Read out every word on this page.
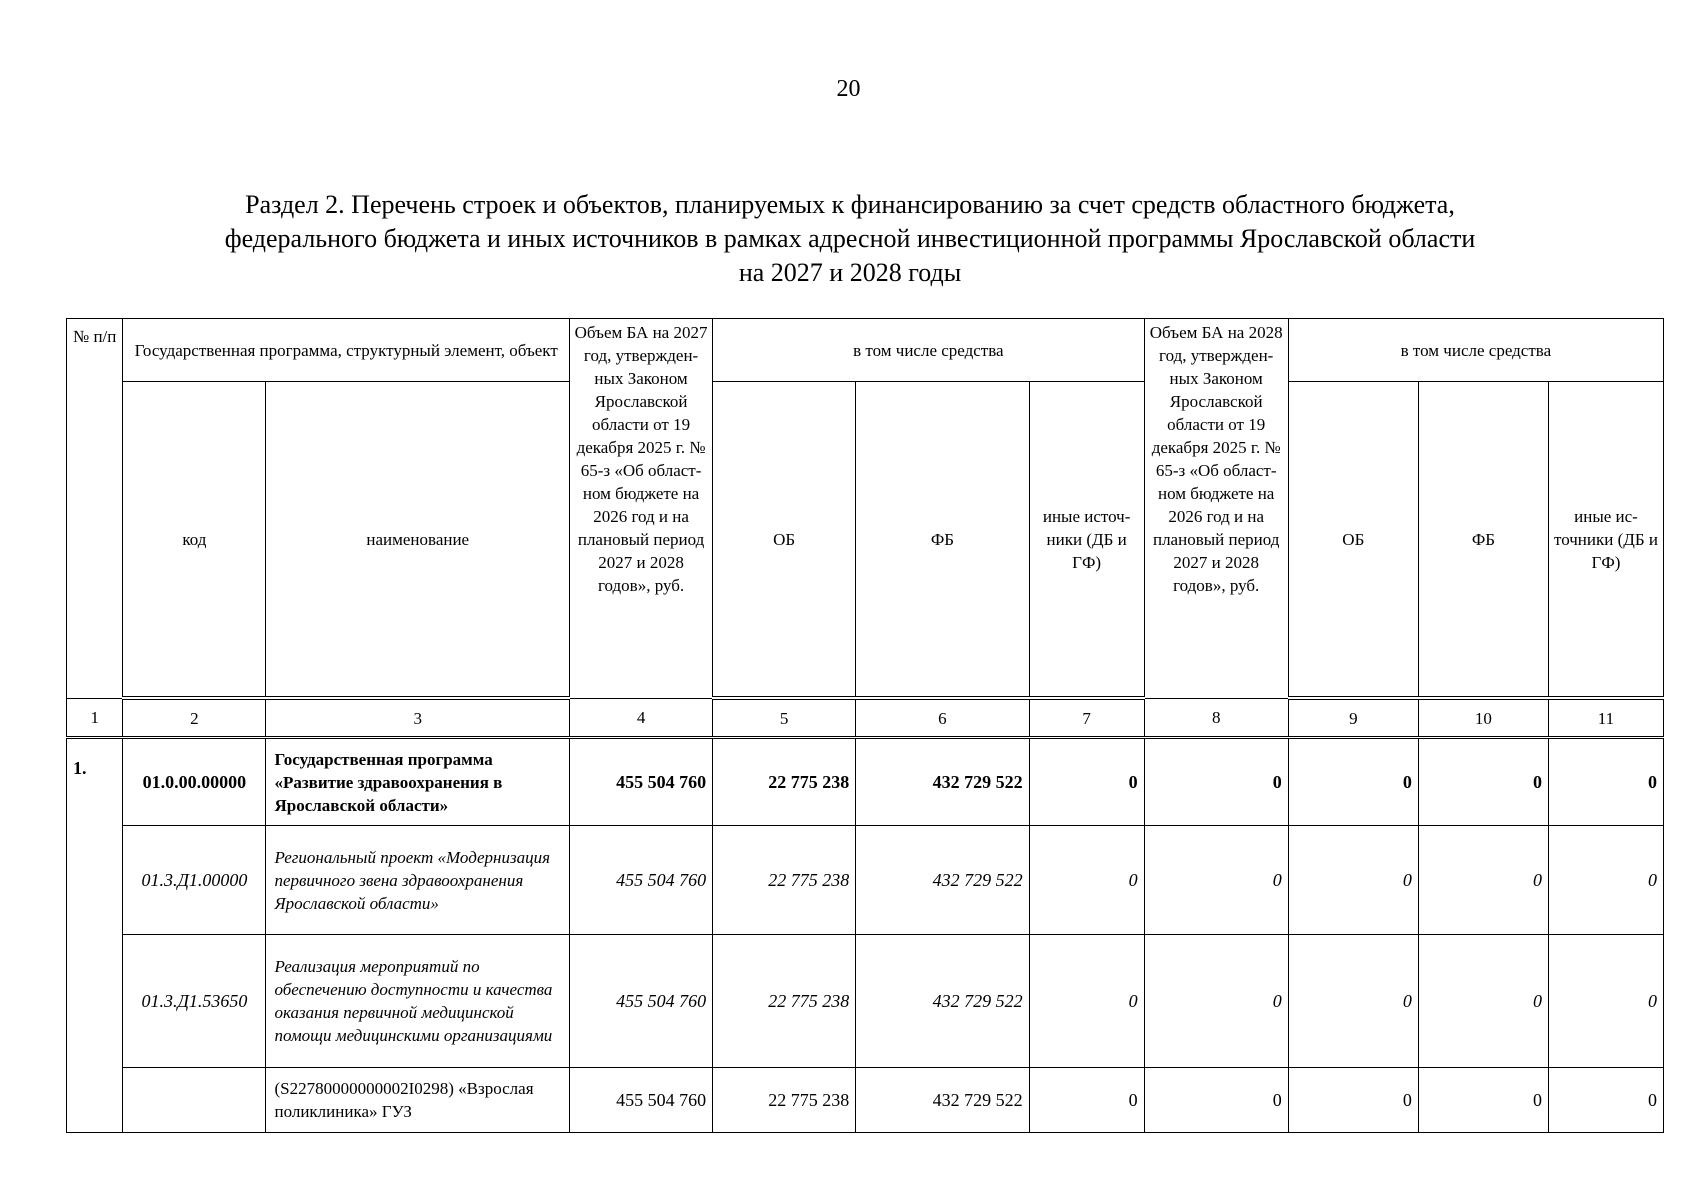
20
Раздел 2. Перечень строек и объектов, планируемых к финансированию за счет средств областного бюджета,
федерального бюджета и иных источников в рамках адресной инвестиционной программы Ярославской области
на 2027 и 2028 годы
№ п/п	Государственная программа, структурный элемент, объект		Объем БА на 2027 год, утвержден-ных Законом Ярославской области от 19 декабря 2025 г. № 65-з «Об област-ном бюджете на 2026 год и на плановый период 2027 и 2028 годов», руб.	в том числе средства			Объем БА на 2028 год, утвержден-ных Законом Ярославской области от 19 декабря 2025 г. № 65-з «Об област-ном бюджете на 2026 год и на плановый период 2027 и 2028 годов», руб.	в том числе средства		
	код	наименование		ОБ	ФБ	иные источ-ники (ДБ и ГФ)		ОБ	ФБ	иные ис-точники (ДБ и ГФ)
1	2	3	4	5	6	7	8	9	10	11
1.	01.0.00.00000	Государственная программа «Развитие здравоохранения в Ярославской области»	455 504 760	22 775 238	432 729 522	0	0	0	0	0
	01.3.Д1.00000	Региональный проект «Модернизация первичного звена здравоохранения Ярославской области»	455 504 760	22 775 238	432 729 522	0	0	0	0	0
	01.3.Д1.53650	Реализация мероприятий по обеспечению доступности и качества оказания первичной медицинской помощи медицинскими организациями	455 504 760	22 775 238	432 729 522	0	0	0	0	0
		(S22780000000002I0298) «Взрослая поликлиника» ГУЗ	455 504 760	22 775 238	432 729 522	0	0	0	0	0
